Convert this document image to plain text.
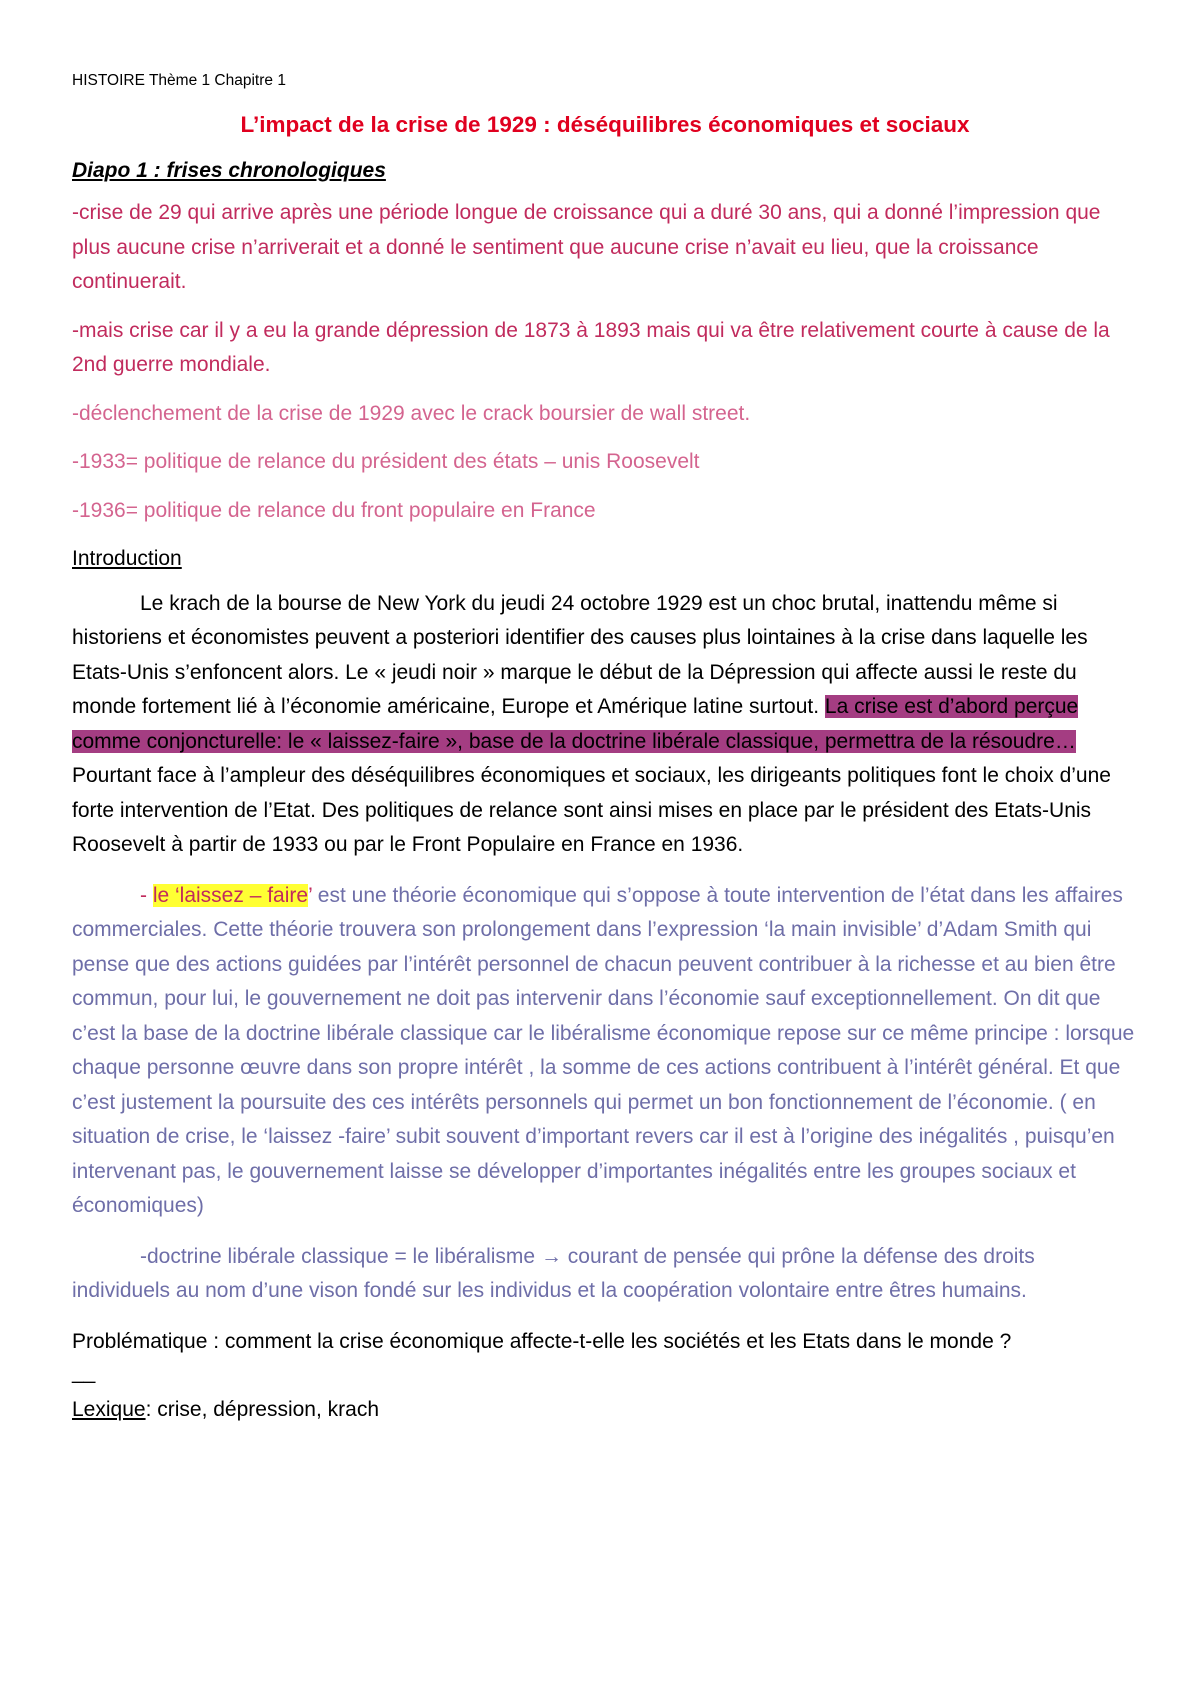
HISTOIRE Thème 1 Chapitre 1
L’impact de la crise de 1929 : déséquilibres économiques et sociaux
Diapo 1 : frises chronologiques
-crise de 29 qui arrive après une période longue de croissance qui a duré 30 ans, qui a donné l’impression que plus aucune crise n’arriverait et a donné le sentiment que aucune crise n’avait eu lieu, que la croissance continuerait.
-mais crise car il y a eu la grande dépression de 1873 à 1893 mais qui va être relativement courte à cause de la 2nd guerre mondiale.
-déclenchement de la crise de 1929 avec le crack boursier de wall street.
-1933= politique de relance du président des états – unis Roosevelt
-1936= politique de relance du front populaire en France
Introduction
Le krach de la bourse de New York du jeudi 24 octobre 1929 est un choc brutal, inattendu même si historiens et économistes peuvent a posteriori identifier des causes plus lointaines à la crise dans laquelle les Etats-Unis s’enfoncent alors. Le « jeudi noir » marque le début de la Dépression qui affecte aussi le reste du monde fortement lié à l’économie américaine, Europe et Amérique latine surtout. La crise est d’abord perçue comme conjoncturelle: le « laissez-faire », base de la doctrine libérale classique, permettra de la résoudre… Pourtant face à l’ampleur des déséquilibres économiques et sociaux, les dirigeants politiques font le choix d’une forte intervention de l’Etat. Des politiques de relance sont ainsi mises en place par le président des Etats-Unis Roosevelt à partir de 1933 ou par le Front Populaire en France en 1936.
- le ‘laissez – faire’ est une théorie économique qui s’oppose à toute intervention de l’état dans les affaires commerciales. Cette théorie trouvera son prolongement dans l’expression ‘la main invisible’ d’Adam Smith qui pense que des actions guidées par l’intérêt personnel de chacun peuvent contribuer à la richesse et au bien être commun, pour lui, le gouvernement ne doit pas intervenir dans l’économie sauf exceptionnellement. On dit que c’est la base de la doctrine libérale classique car le libéralisme économique repose sur ce même principe : lorsque chaque personne œuvre dans son propre intérêt , la somme de ces actions contribuent à l’intérêt général. Et que c’est justement la poursuite des ces intérêts personnels qui permet un bon fonctionnement de l’économie. ( en situation de crise, le ‘laissez -faire’ subit souvent d’important revers car il est à l’origine des inégalités , puisqu’en intervenant pas, le gouvernement laisse se développer d’importantes inégalités entre les groupes sociaux et économiques)
-doctrine libérale classique = le libéralisme → courant de pensée qui prône la défense des droits individuels au nom d’une vison fondé sur les individus et la coopération volontaire entre êtres humains.
Problématique : comment la crise économique affecte-t-elle les sociétés et les Etats dans le monde ?
__
Lexique: crise, dépression, krach
